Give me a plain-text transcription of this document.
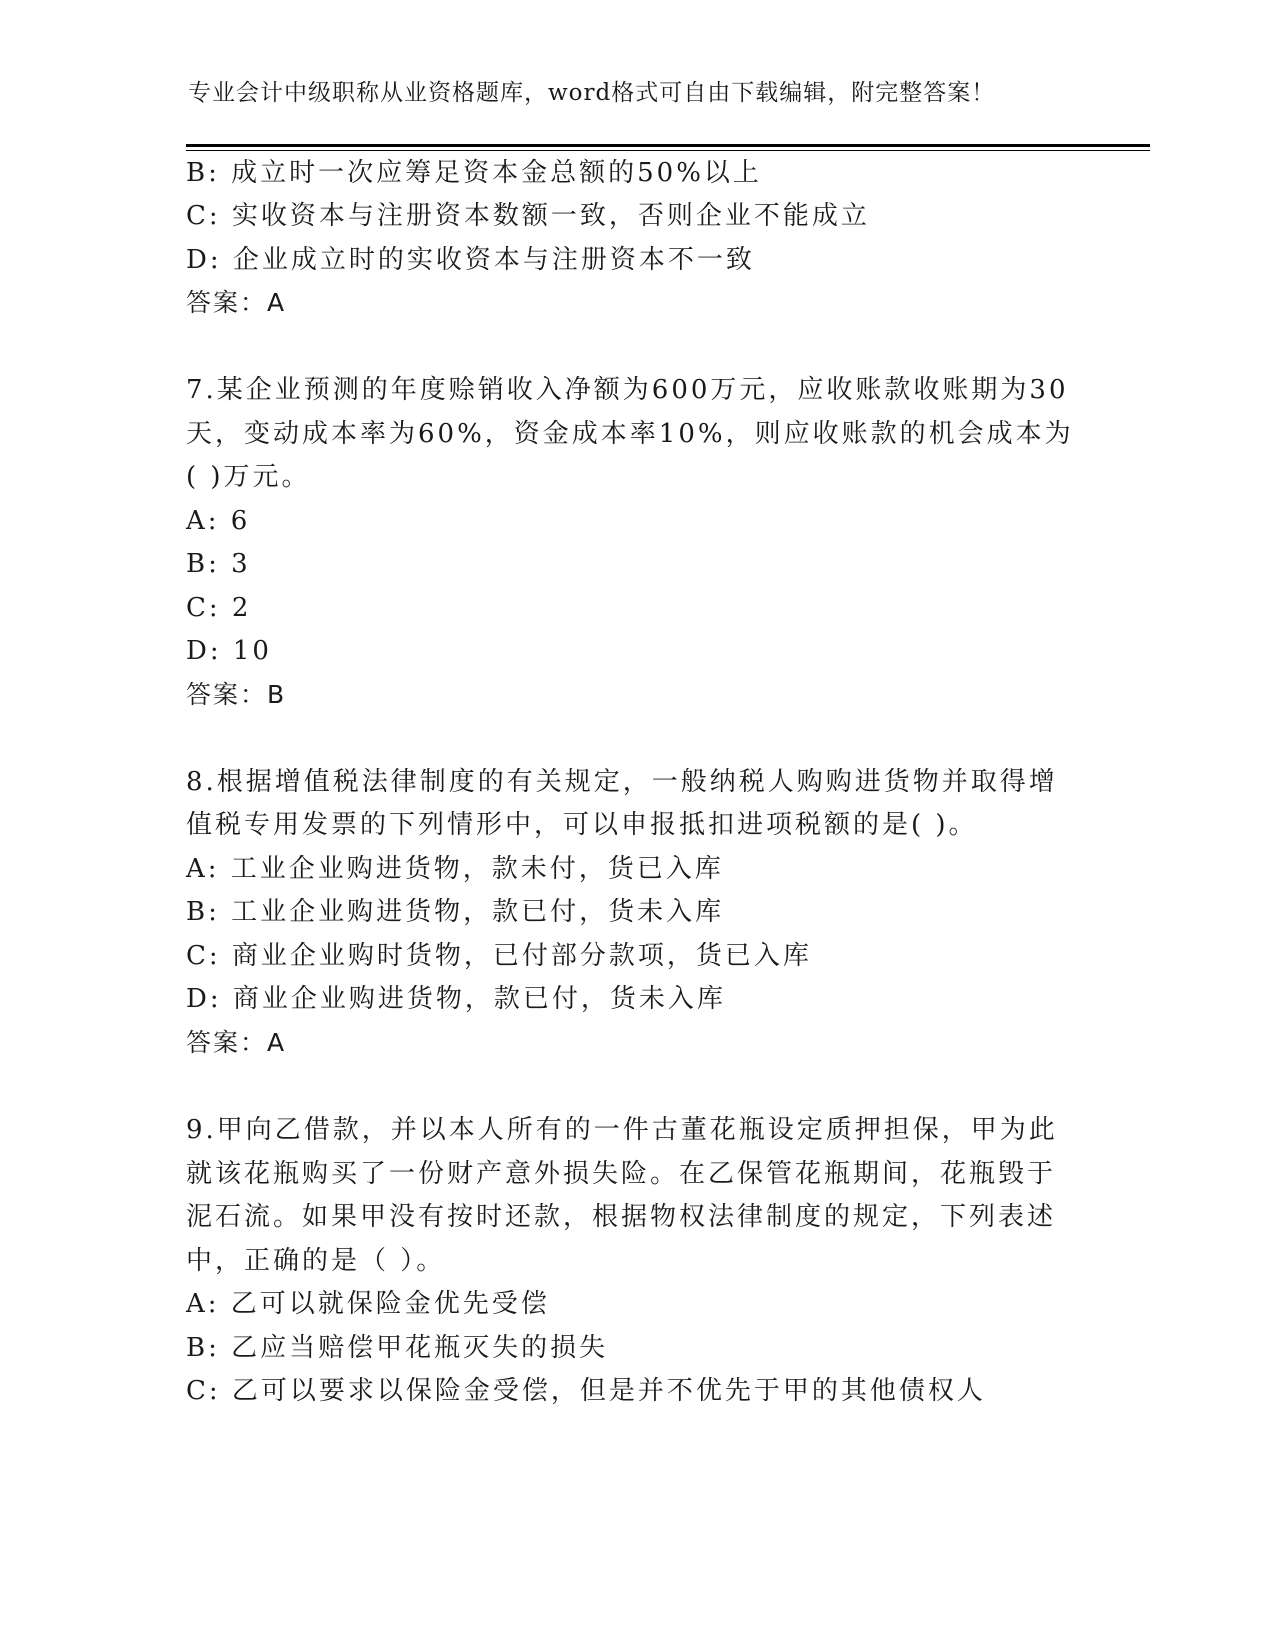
专业会计中级职称从业资格题库，word格式可自由下载编辑，附完整答案！
B: 成立时一次应筹足资本金总额的50%以上
C: 实收资本与注册资本数额一致，否则企业不能成立
D: 企业成立时的实收资本与注册资本不一致
答案：A
7.某企业预测的年度赊销收入净额为600万元，应收账款收账期为30
天，变动成本率为60%，资金成本率10%，则应收账款的机会成本为
( )万元。
A: 6
B: 3
C: 2
D: 10
答案：B
8.根据增值税法律制度的有关规定，一般纳税人购购进货物并取得增
值税专用发票的下列情形中，可以申报抵扣进项税额的是( )。
A: 工业企业购进货物，款未付，货已入库
B: 工业企业购进货物，款已付，货未入库
C: 商业企业购时货物，已付部分款项，货已入库
D: 商业企业购进货物，款已付，货未入库
答案：A
9.甲向乙借款，并以本人所有的一件古董花瓶设定质押担保，甲为此
就该花瓶购买了一份财产意外损失险。在乙保管花瓶期间，花瓶毁于
泥石流。如果甲没有按时还款，根据物权法律制度的规定，下列表述
中，正确的是（ ）。
A: 乙可以就保险金优先受偿
B: 乙应当赔偿甲花瓶灭失的损失
C: 乙可以要求以保险金受偿，但是并不优先于甲的其他债权人
